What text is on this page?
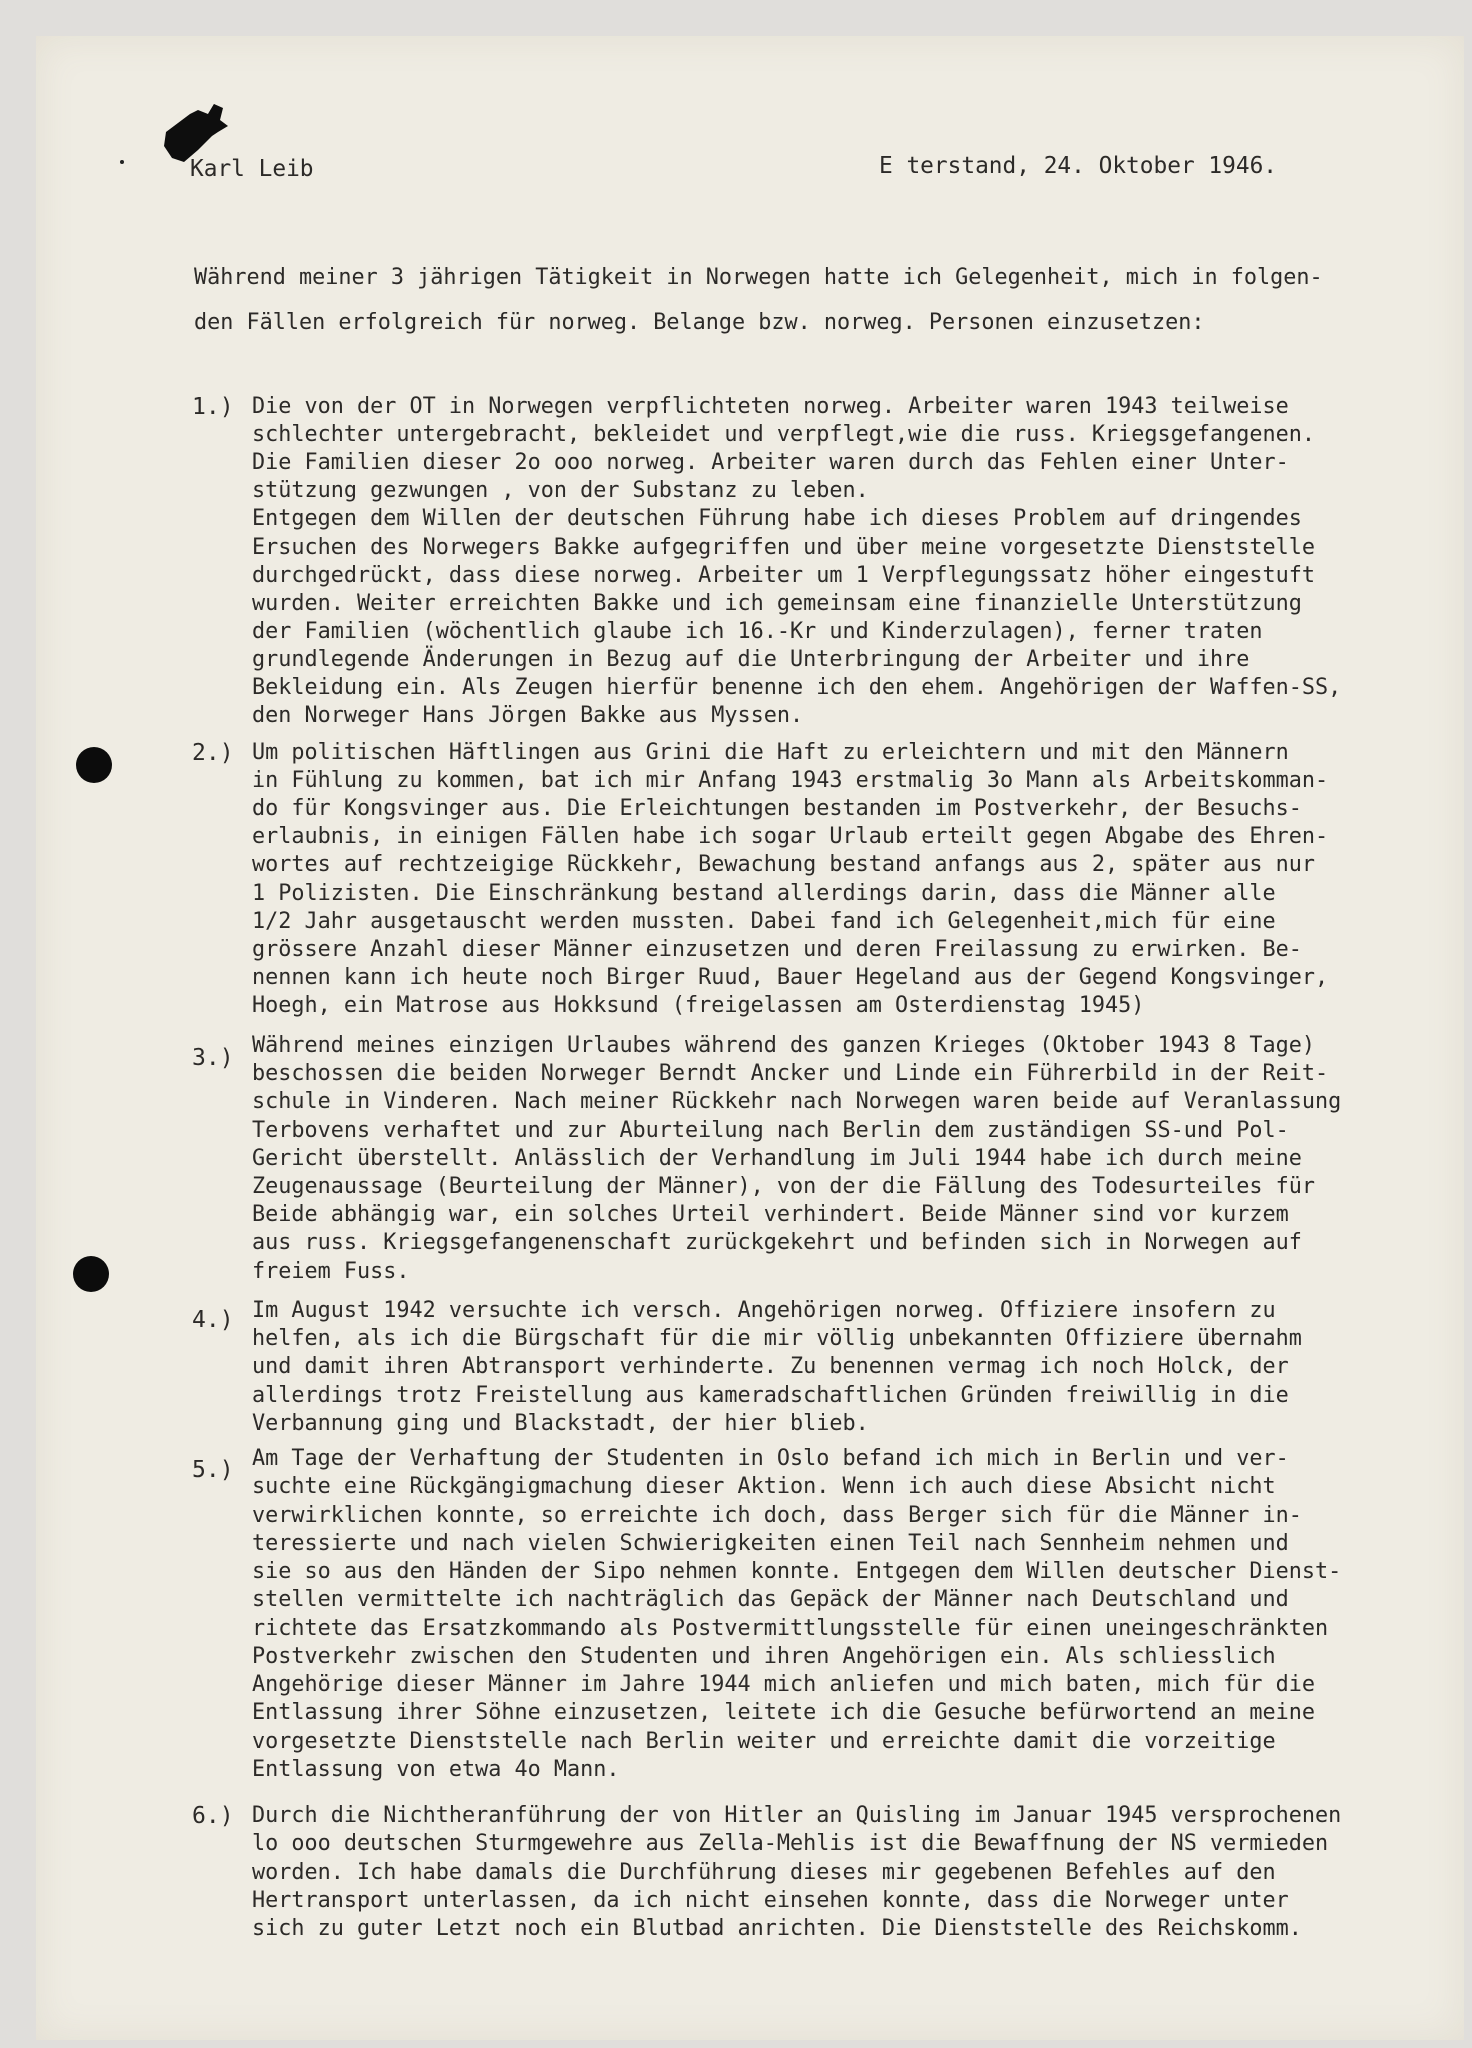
Karl Leib	E terstand, 24. Oktober 1946.
Während meiner 3 jährigen Tätigkeit in Norwegen hatte ich Gelegenheit, mich in folgen-
den Fällen erfolgreich für norweg. Belange bzw. norweg. Personen einzusetzen:
1.) Die von der OT in Norwegen verpflichteten norweg. Arbeiter waren 1943 teilweise
schlechter untergebracht, bekleidet und verpflegt,wie die russ. Kriegsgefangenen.
Die Familien dieser 2o ooo norweg. Arbeiter waren durch das Fehlen einer Unter-
stützung gezwungen , von der Substanz zu leben.
Entgegen dem Willen der deutschen Führung habe ich dieses Problem auf dringendes
Ersuchen des Norwegers Bakke aufgegriffen und über meine vorgesetzte Dienststelle
durchgedrückt, dass diese norweg. Arbeiter um 1 Verpflegungssatz höher eingestuft
wurden. Weiter erreichten Bakke und ich gemeinsam eine finanzielle Unterstützung
der Familien (wöchentlich glaube ich 16.-Kr und Kinderzulagen), ferner traten
grundlegende Änderungen in Bezug auf die Unterbringung der Arbeiter und ihre
Bekleidung ein. Als Zeugen hierfür benenne ich den ehem. Angehörigen der Waffen-SS,
den Norweger Hans Jörgen Bakke aus Myssen.
2.) Um politischen Häftlingen aus Grini die Haft zu erleichtern und mit den Männern
in Fühlung zu kommen, bat ich mir Anfang 1943 erstmalig 3o Mann als Arbeitskomman-
do für Kongsvinger aus. Die Erleichtungen bestanden im Postverkehr, der Besuchs-
erlaubnis, in einigen Fällen habe ich sogar Urlaub erteilt gegen Abgabe des Ehren-
wortes auf rechtzeigige Rückkehr, Bewachung bestand anfangs aus 2, später aus nur
1 Polizisten. Die Einschränkung bestand allerdings darin, dass die Männer alle
1/2 Jahr ausgetauscht werden mussten. Dabei fand ich Gelegenheit,mich für eine
grössere Anzahl dieser Männer einzusetzen und deren Freilassung zu erwirken. Be-
nennen kann ich heute noch Birger Ruud, Bauer Hegeland aus der Gegend Kongsvinger,
Hoegh, ein Matrose aus Hokksund (freigelassen am Osterdienstag 1945)
3.) Während meines einzigen Urlaubes während des ganzen Krieges (Oktober 1943 8 Tage)
beschossen die beiden Norweger Berndt Ancker und Linde ein Führerbild in der Reit-
schule in Vinderen. Nach meiner Rückkehr nach Norwegen waren beide auf Veranlassung
Terbovens verhaftet und zur Aburteilung nach Berlin dem zuständigen SS-und Pol-
Gericht überstellt. Anlässlich der Verhandlung im Juli 1944 habe ich durch meine
Zeugenaussage (Beurteilung der Männer), von der die Fällung des Todesurteiles für
Beide abhängig war, ein solches Urteil verhindert. Beide Männer sind vor kurzem
aus russ. Kriegsgefangenenschaft zurückgekehrt und befinden sich in Norwegen auf
freiem Fuss.
4.) Im August 1942 versuchte ich versch. Angehörigen norweg. Offiziere insofern zu
helfen, als ich die Bürgschaft für die mir völlig unbekannten Offiziere übernahm
und damit ihren Abtransport verhinderte. Zu benennen vermag ich noch Holck, der
allerdings trotz Freistellung aus kameradschaftlichen Gründen freiwillig in die
Verbannung ging und Blackstadt, der hier blieb.
5.) Am Tage der Verhaftung der Studenten in Oslo befand ich mich in Berlin und ver-
suchte eine Rückgängigmachung dieser Aktion. Wenn ich auch diese Absicht nicht
verwirklichen konnte, so erreichte ich doch, dass Berger sich für die Männer in-
teressierte und nach vielen Schwierigkeiten einen Teil nach Sennheim nehmen und
sie so aus den Händen der Sipo nehmen konnte. Entgegen dem Willen deutscher Dienst-
stellen vermittelte ich nachträglich das Gepäck der Männer nach Deutschland und
richtete das Ersatzkommando als Postvermittlungsstelle für einen uneingeschränkten
Postverkehr zwischen den Studenten und ihren Angehörigen ein. Als schliesslich
Angehörige dieser Männer im Jahre 1944 mich anliefen und mich baten, mich für die
Entlassung ihrer Söhne einzusetzen, leitete ich die Gesuche befürwortend an meine
vorgesetzte Dienststelle nach Berlin weiter und erreichte damit die vorzeitige
Entlassung von etwa 4o Mann.
6.) Durch die Nichtheranführung der von Hitler an Quisling im Januar 1945 versprochenen
lo ooo deutschen Sturmgewehre aus Zella-Mehlis ist die Bewaffnung der NS vermieden
worden. Ich habe damals die Durchführung dieses mir gegebenen Befehles auf den
Hertransport unterlassen, da ich nicht einsehen konnte, dass die Norweger unter
sich zu guter Letzt noch ein Blutbad anrichten. Die Dienststelle des Reichskomm.
